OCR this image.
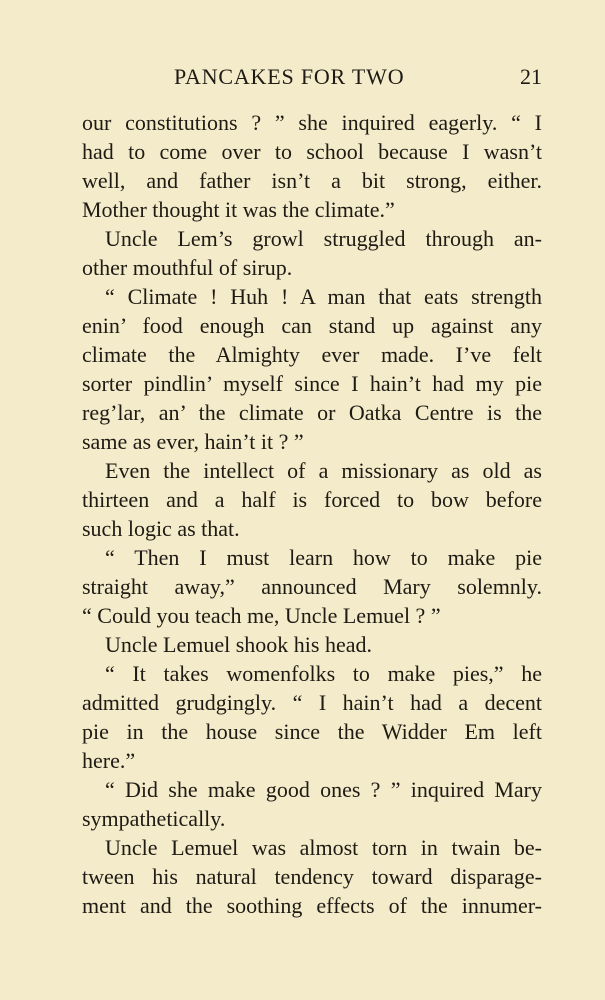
PANCAKES FOR TWO	21
our constitutions ? ” she inquired eagerly. “ I
had to come over to school because I wasn’t
well, and father isn’t a bit strong, either.
Mother thought it was the climate.”
Uncle Lem’s growl struggled through an-
other mouthful of sirup.
“ Climate ! Huh ! A man that eats strength
enin’ food enough can stand up against any
climate the Almighty ever made. I’ve felt
sorter pindlin’ myself since I hain’t had my pie
reg’lar, an’ the climate or Oatka Centre is the
same as ever, hain’t it ? ”
Even the intellect of a missionary as old as
thirteen and a half is forced to bow before
such logic as that.
“ Then I must learn how to make pie
straight away,” announced Mary solemnly.
“ Could you teach me, Uncle Lemuel ? ”
Uncle Lemuel shook his head.
“ It takes womenfolks to make pies,” he
admitted grudgingly. “ I hain’t had a decent
pie in the house since the Widder Em left
here.”
“ Did she make good ones ? ” inquired Mary
sympathetically.
Uncle Lemuel was almost torn in twain be-
tween his natural tendency toward disparage-
ment and the soothing effects of the innumer-
